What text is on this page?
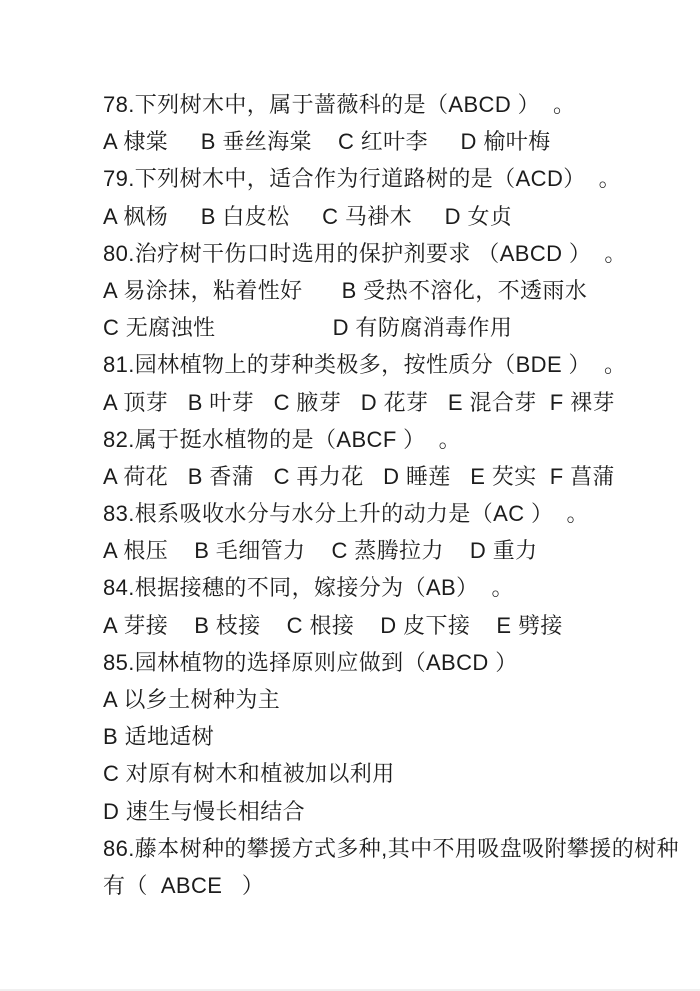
78.下列树木中，属于蔷薇科的是（ABCD ）  。
A 棣棠     B 垂丝海棠    C 红叶李     D 榆叶梅
79.下列树木中，适合作为行道路树的是（ACD）  。
A 枫杨     B 白皮松     C 马褂木     D 女贞
80.治疗树干伤口时选用的保护剂要求 （ABCD ）  。
A 易涂抹，粘着性好      B 受热不溶化，不透雨水
C 无腐浊性                  D 有防腐消毒作用
81.园林植物上的芽种类极多，按性质分（BDE ）  。
A 顶芽   B 叶芽   C 腋芽   D 花芽   E 混合芽  F 裸芽
82.属于挺水植物的是（ABCF ）  。
A 荷花   B 香蒲   C 再力花   D 睡莲   E 芡实  F 菖蒲
83.根系吸收水分与水分上升的动力是（AC ）  。
A 根压    B 毛细管力    C 蒸腾拉力    D 重力
84.根据接穗的不同，嫁接分为（AB）  。
A 芽接    B 枝接    C 根接    D 皮下接    E 劈接
85.园林植物的选择原则应做到（ABCD ）
A 以乡土树种为主
B 适地适树
C 对原有树木和植被加以利用
D 速生与慢长相结合
86.藤本树种的攀援方式多种,其中不用吸盘吸附攀援的树种
有（  ABCE   ）
